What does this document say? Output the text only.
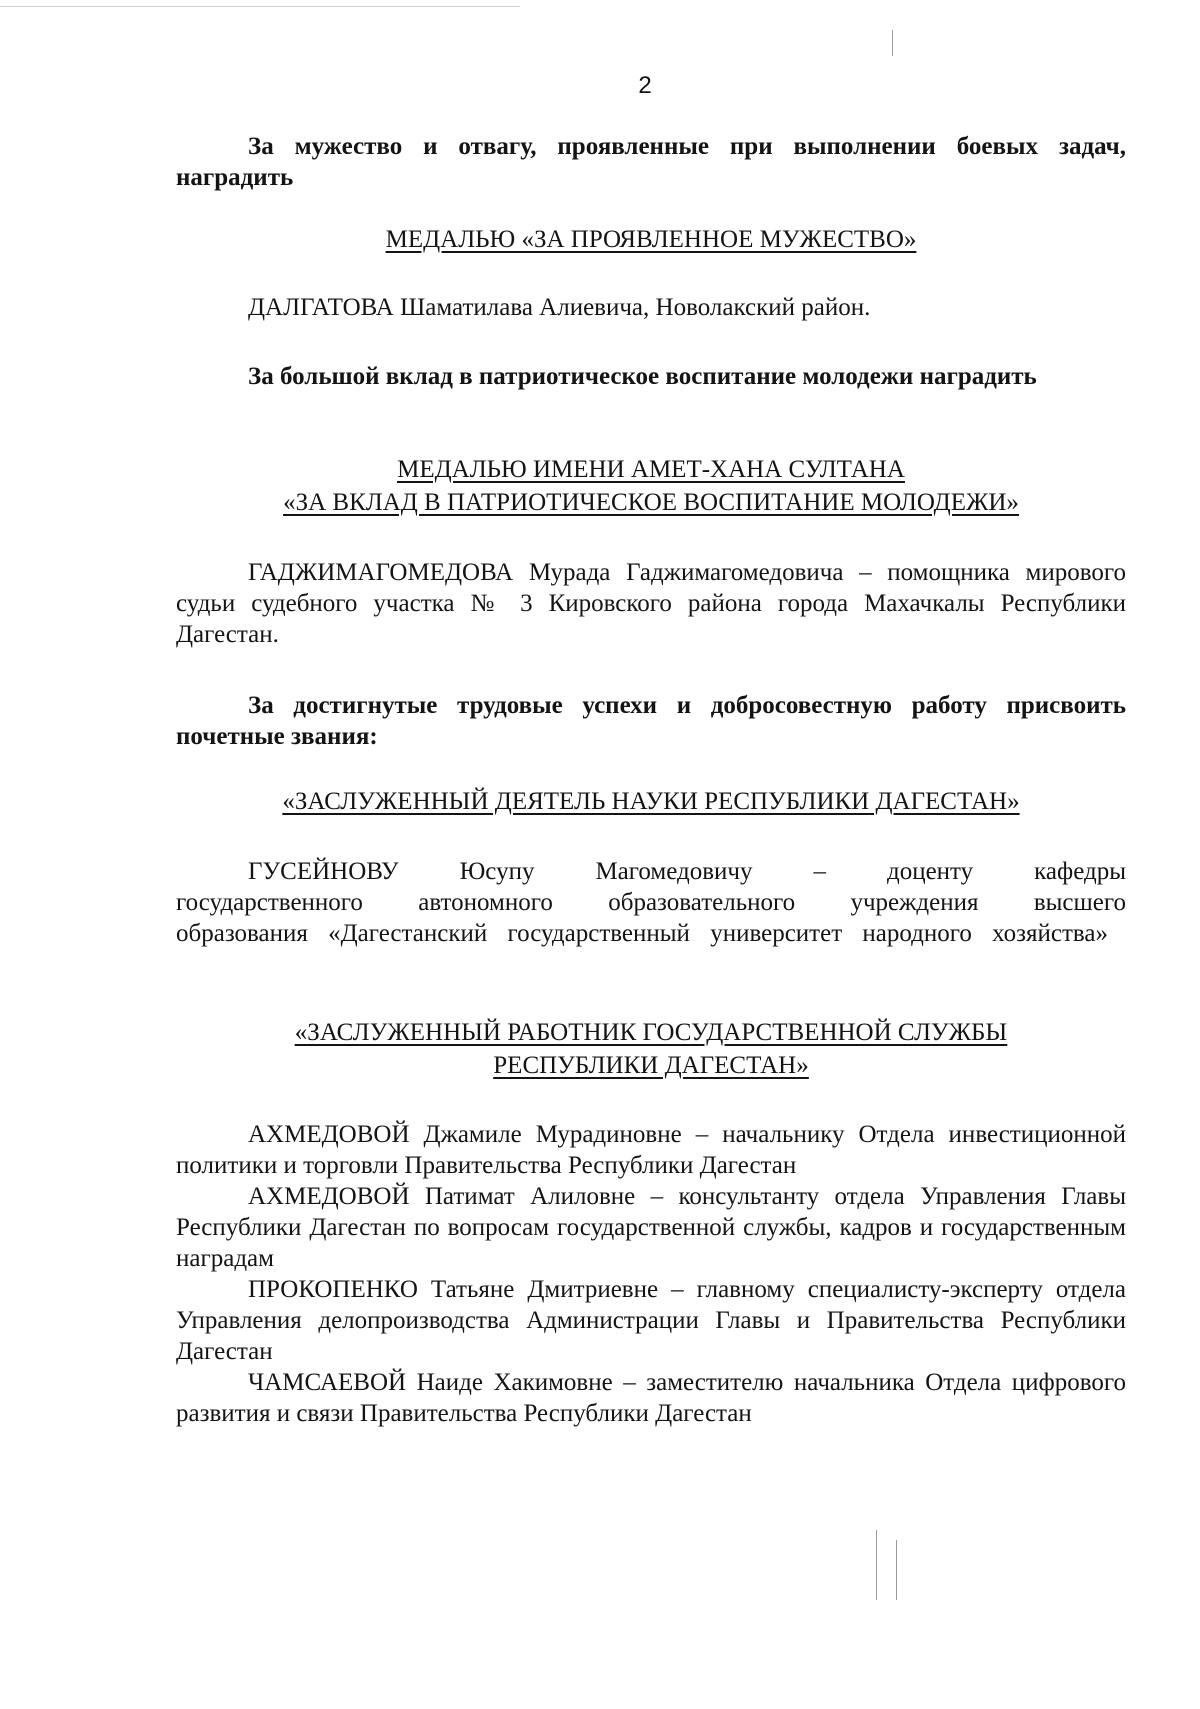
2
За мужество и отвагу, проявленные при выполнении боевых задач, наградить
МЕДАЛЬЮ «ЗА ПРОЯВЛЕННОЕ МУЖЕСТВО»
ДАЛГАТОВА Шаматилава Алиевича, Новолакский район.
За большой вклад в патриотическое воспитание молодежи наградить
МЕДАЛЬЮ ИМЕНИ АМЕТ-ХАНА СУЛТАНА
«ЗА ВКЛАД В ПАТРИОТИЧЕСКОЕ ВОСПИТАНИЕ МОЛОДЕЖИ»
ГАДЖИМАГОМЕДОВА Мурада Гаджимагомедовича – помощника мирового судьи судебного участка № 3 Кировского района города Махачкалы Республики Дагестан.
За достигнутые трудовые успехи и добросовестную работу присвоить почетные звания:
«ЗАСЛУЖЕННЫЙ ДЕЯТЕЛЬ НАУКИ РЕСПУБЛИКИ ДАГЕСТАН»
ГУСЕЙНОВУ Юсупу Магомедовичу – доценту кафедры государственного автономного образовательного учреждения высшего образования «Дагестанский государственный университет народного хозяйства»
«ЗАСЛУЖЕННЫЙ РАБОТНИК ГОСУДАРСТВЕННОЙ СЛУЖБЫ
РЕСПУБЛИКИ ДАГЕСТАН»
АХМЕДОВОЙ Джамиле Мурадиновне – начальнику Отдела инвестиционной политики и торговли Правительства Республики Дагестан
АХМЕДОВОЙ Патимат Алиловне – консультанту отдела Управления Главы Республики Дагестан по вопросам государственной службы, кадров и государственным наградам
ПРОКОПЕНКО Татьяне Дмитриевне – главному специалисту-эксперту отдела Управления делопроизводства Администрации Главы и Правительства Республики Дагестан
ЧАМСАЕВОЙ Наиде Хакимовне – заместителю начальника Отдела цифрового развития и связи Правительства Республики Дагестан
